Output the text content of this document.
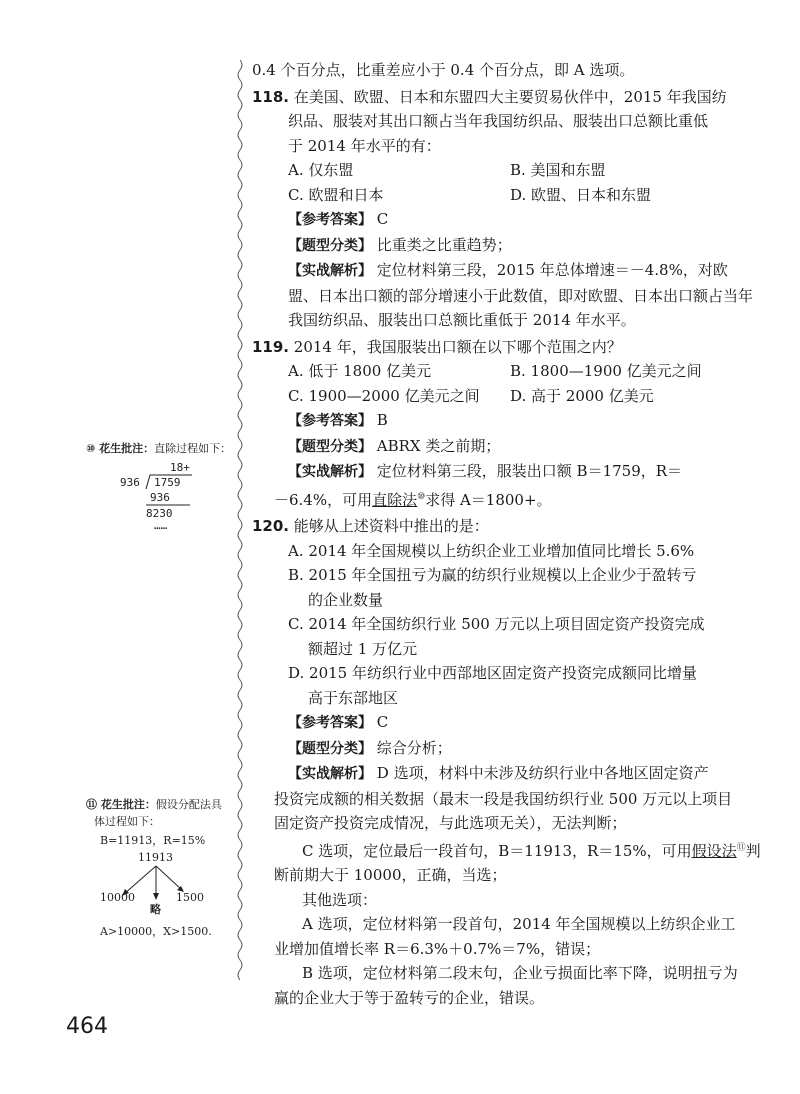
0.4 个百分点，比重差应小于 0.4 个百分点，即 A 选项。
118. 在美国、欧盟、日本和东盟四大主要贸易伙伴中，2015 年我国纺
织品、服装对其出口额占当年我国纺织品、服装出口总额比重低
于 2014 年水平的有：
A. 仅东盟	B. 美国和东盟
C. 欧盟和日本	D. 欧盟、日本和东盟
【参考答案】 C
【题型分类】 比重类之比重趋势；
【实战解析】 定位材料第三段，2015 年总体增速＝－4.8%，对欧
盟、日本出口额的部分增速小于此数值，即对欧盟、日本出口额占当年
我国纺织品、服装出口总额比重低于 2014 年水平。
119. 2014 年，我国服装出口额在以下哪个范围之内？
A. 低于 1800 亿美元	B. 1800—1900 亿美元之间
C. 1900—2000 亿美元之间	D. 高于 2000 亿美元
【参考答案】 B
【题型分类】 ABRX 类之前期；
【实战解析】 定位材料第三段，服装出口额 B＝1759，R＝
－6.4%，可用直除法⑩求得 A＝1800+。
120. 能够从上述资料中推出的是：
A. 2014 年全国规模以上纺织企业工业增加值同比增长 5.6%
B. 2015 年全国扭亏为赢的纺织行业规模以上企业少于盈转亏
的企业数量
C. 2014 年全国纺织行业 500 万元以上项目固定资产投资完成
额超过 1 万亿元
D. 2015 年纺织行业中西部地区固定资产投资完成额同比增量
高于东部地区
【参考答案】 C
【题型分类】 综合分析；
【实战解析】 D 选项，材料中未涉及纺织行业中各地区固定资产
投资完成额的相关数据（最末一段是我国纺织行业 500 万元以上项目
固定资产投资完成情况，与此选项无关），无法判断；
C 选项，定位最后一段首句，B＝11913，R＝15%，可用假设法⑪判
断前期大于 10000，正确，当选；
其他选项：
A 选项，定位材料第一段首句，2014 年全国规模以上纺织企业工
业增加值增长率 R＝6.3%＋0.7%＝7%，错误；
B 选项，定位材料第二段末句，企业亏损面比率下降，说明扭亏为
赢的企业大于等于盈转亏的企业，错误。
⑩ 花生批注：直除过程如下：
18+
936 1759
936
8230
……
⑪ 花生批注：假设分配法具
体过程如下：
B=11913，R=15%
11913
10000	1500
略
A>10000，X>1500.
464
